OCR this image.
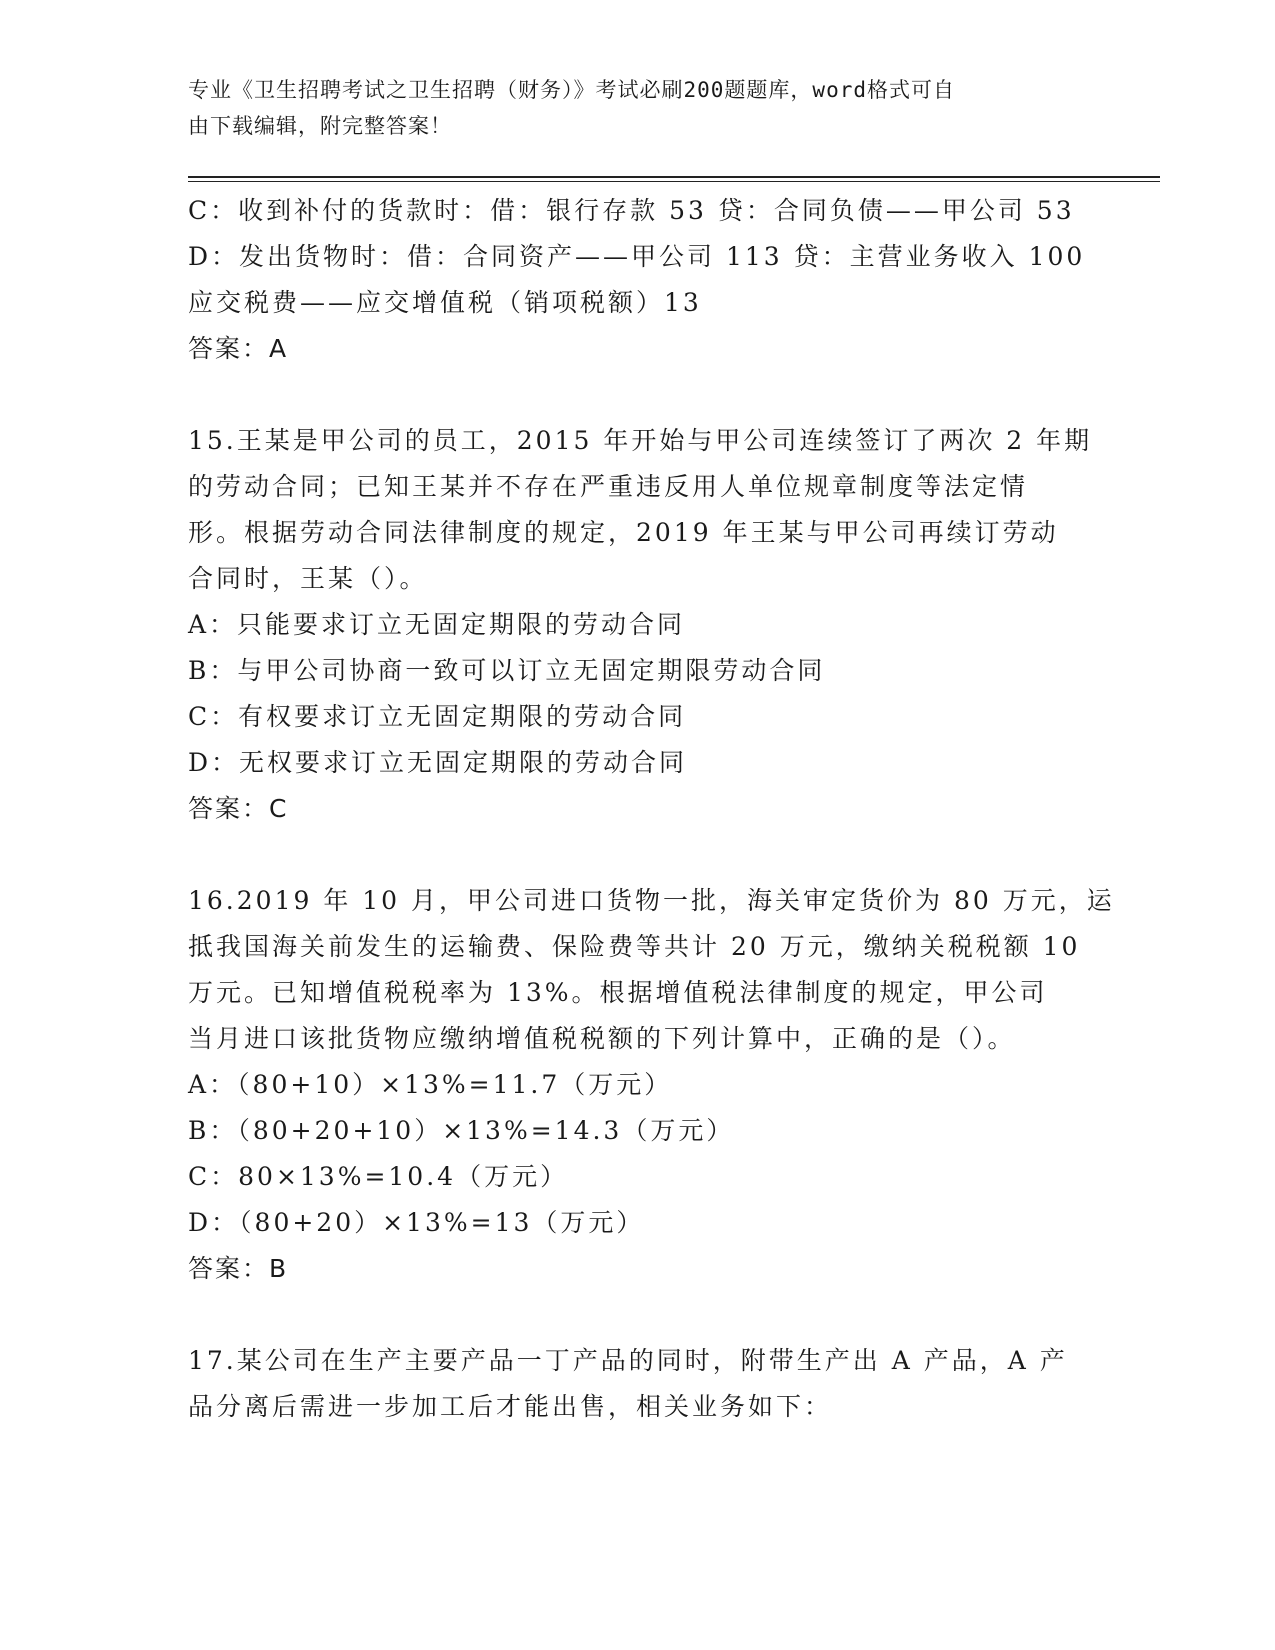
专业《卫生招聘考试之卫生招聘（财务）》考试必刷200题题库，word格式可自
由下载编辑，附完整答案！

C：收到补付的货款时：借：银行存款 53 贷：合同负债——甲公司 53

D：发出货物时：借：合同资产——甲公司 113 贷：主营业务收入 100

应交税费——应交增值税（销项税额）13

答案：A

15.王某是甲公司的员工，2015 年开始与甲公司连续签订了两次 2 年期

的劳动合同；已知王某并不存在严重违反用人单位规章制度等法定情

形。根据劳动合同法律制度的规定，2019 年王某与甲公司再续订劳动

合同时，王某（）。

A：只能要求订立无固定期限的劳动合同

B：与甲公司协商一致可以订立无固定期限劳动合同

C：有权要求订立无固定期限的劳动合同

D：无权要求订立无固定期限的劳动合同

答案：C

16.2019 年 10 月，甲公司进口货物一批，海关审定货价为 80 万元，运

抵我国海关前发生的运输费、保险费等共计 20 万元，缴纳关税税额 10

万元。已知增值税税率为 13%。根据增值税法律制度的规定，甲公司

当月进口该批货物应缴纳增值税税额的下列计算中，正确的是（）。

A：（80+10）×13%=11.7（万元）

B：（80+20+10）×13%=14.3（万元）

C：80×13%=10.4（万元）

D：（80+20）×13%=13（万元）

答案：B

17.某公司在生产主要产品一丁产品的同时，附带生产出 A 产品，A 产

品分离后需进一步加工后才能出售，相关业务如下：
